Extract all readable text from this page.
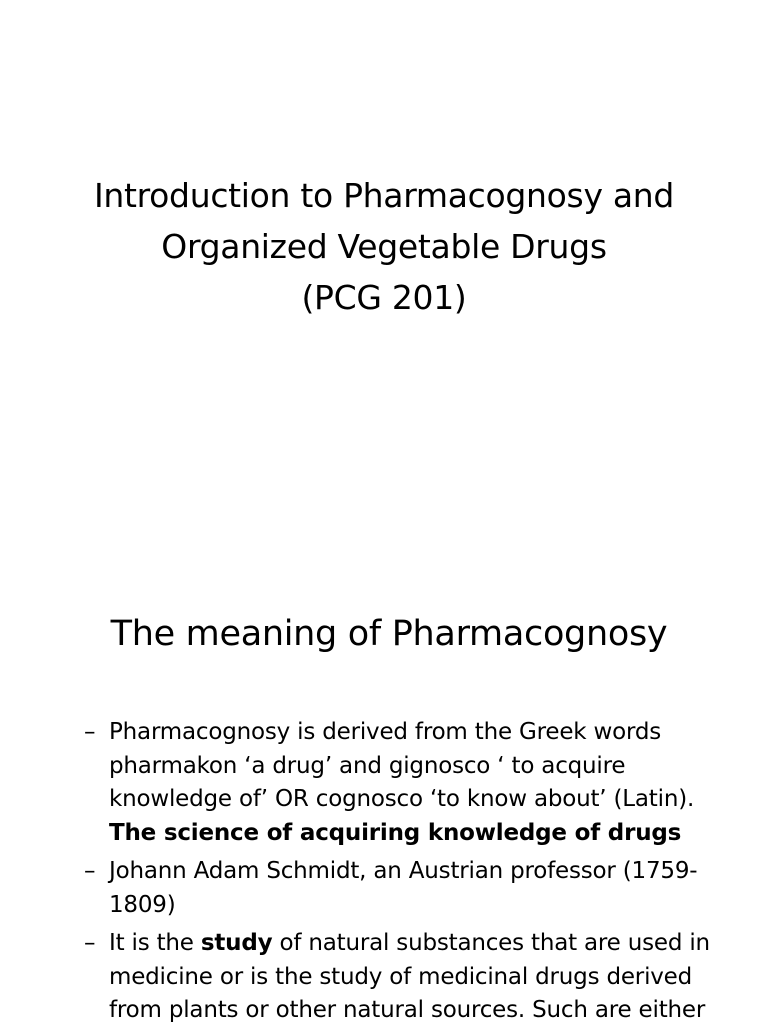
Introduction to Pharmacognosy and
Organized Vegetable Drugs
(PCG 201)
The meaning of Pharmacognosy
– Pharmacognosy is derived from the Greek words pharmakon ‘a drug’ and gignosco ‘ to acquire knowledge of’ OR cognosco ‘to know about’ (Latin).
The science of acquiring knowledge of drugs
– Johann Adam Schmidt, an Austrian professor (1759-1809)
– It is the study of natural substances that are used in medicine or is the study of medicinal drugs derived from plants or other natural sources. Such are either
